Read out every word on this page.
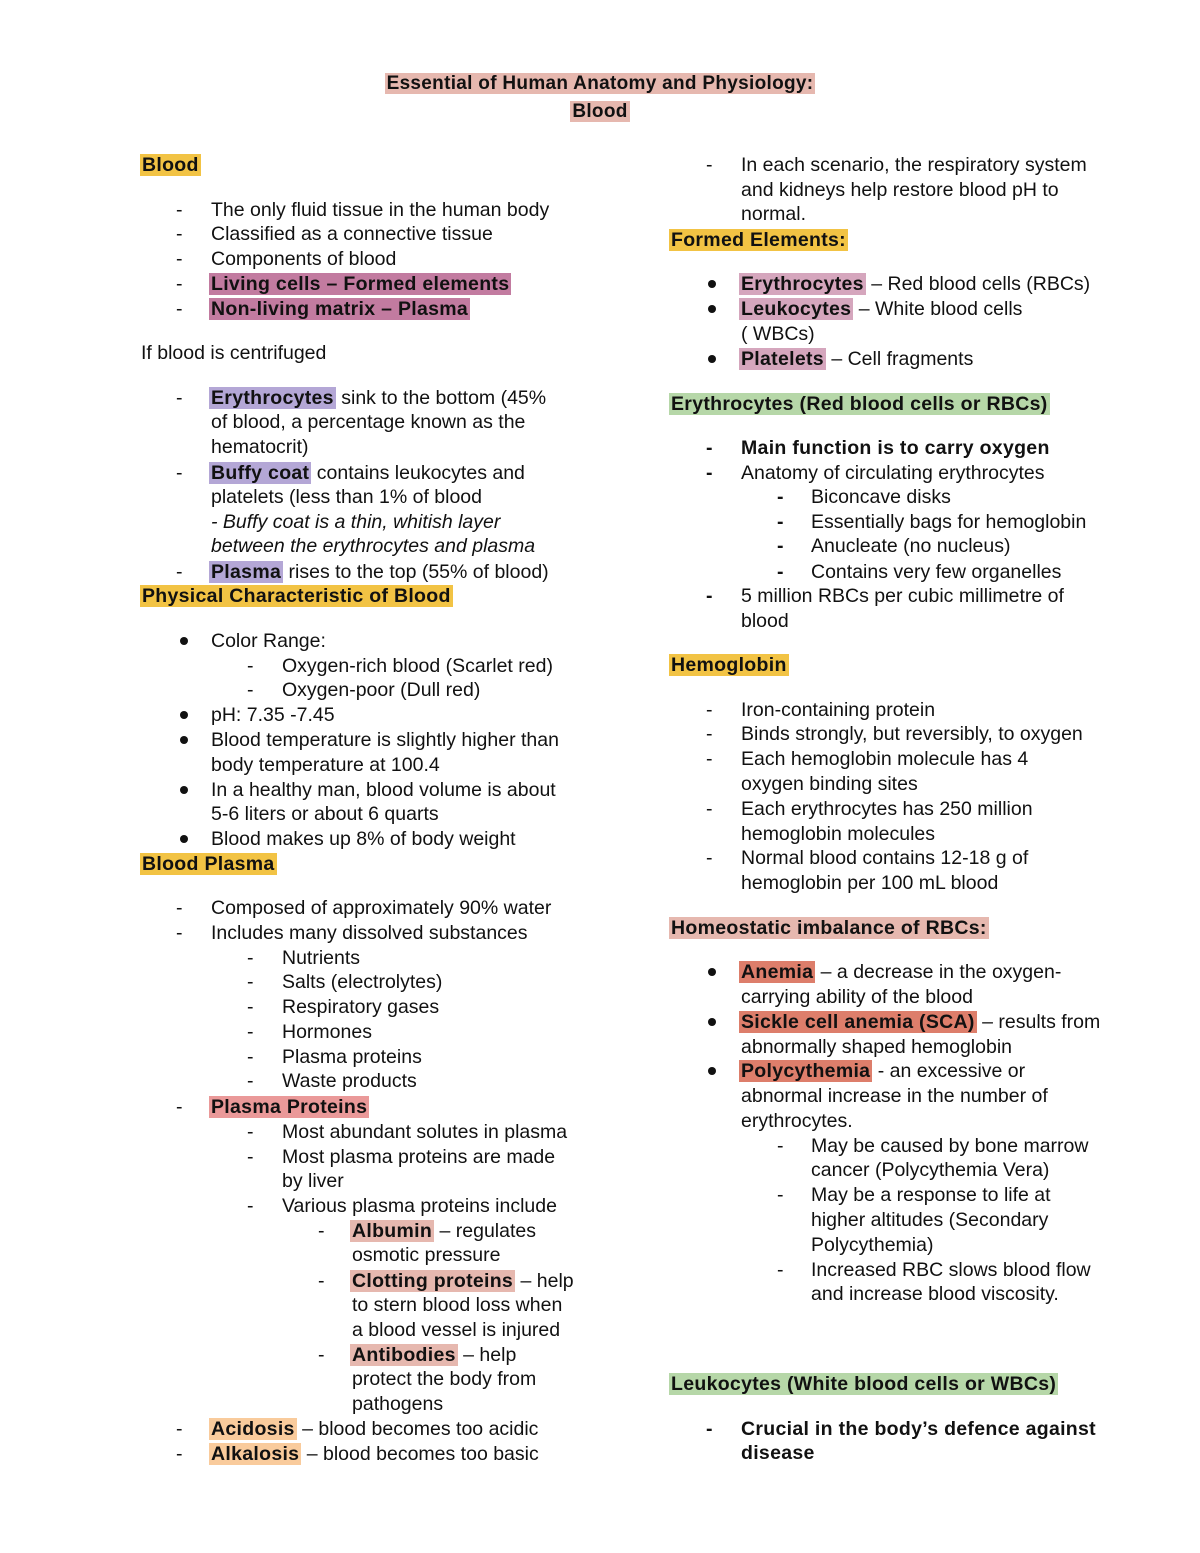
Essential of Human Anatomy and Physiology:
Blood
Blood
- The only fluid tissue in the human body
- Classified as a connective tissue
- Components of blood
- Living cells – Formed elements
- Non-living matrix – Plasma
If blood is centrifuged
- Erythrocytes sink to the bottom (45%
of blood, a percentage known as the
hematocrit)
- Buffy coat contains leukocytes and
platelets (less than 1% of blood
- Buffy coat is a thin, whitish layer
between the erythrocytes and plasma
- Plasma rises to the top (55% of blood)
Physical Characteristic of Blood
Color Range:
- Oxygen-rich blood (Scarlet red)
- Oxygen-poor (Dull red)
pH: 7.35 -7.45
Blood temperature is slightly higher than
body temperature at 100.4
In a healthy man, blood volume is about
5-6 liters or about 6 quarts
Blood makes up 8% of body weight
Blood Plasma
- Composed of approximately 90% water
- Includes many dissolved substances
- Nutrients
- Salts (electrolytes)
- Respiratory gases
- Hormones
- Plasma proteins
- Waste products
- Plasma Proteins
- Most abundant solutes in plasma
- Most plasma proteins are made
by liver
- Various plasma proteins include
- Albumin – regulates
osmotic pressure
- Clotting proteins – help
to stern blood loss when
a blood vessel is injured
- Antibodies – help
protect the body from
pathogens
- Acidosis – blood becomes too acidic
- Alkalosis – blood becomes too basic
- In each scenario, the respiratory system
and kidneys help restore blood pH to
normal.
Formed Elements:
Erythrocytes – Red blood cells (RBCs)
Leukocytes – White blood cells
( WBCs)
Platelets – Cell fragments
Erythrocytes (Red blood cells or RBCs)
- Main function is to carry oxygen
- Anatomy of circulating erythrocytes
- Biconcave disks
- Essentially bags for hemoglobin
- Anucleate (no nucleus)
- Contains very few organelles
- 5 million RBCs per cubic millimetre of
blood
Hemoglobin
- Iron-containing protein
- Binds strongly, but reversibly, to oxygen
- Each hemoglobin molecule has 4
oxygen binding sites
- Each erythrocytes has 250 million
hemoglobin molecules
- Normal blood contains 12-18 g of
hemoglobin per 100 mL blood
Homeostatic imbalance of RBCs:
Anemia – a decrease in the oxygen-
carrying ability of the blood
Sickle cell anemia (SCA) – results from
abnormally shaped hemoglobin
Polycythemia - an excessive or
abnormal increase in the number of
erythrocytes.
- May be caused by bone marrow
cancer (Polycythemia Vera)
- May be a response to life at
higher altitudes (Secondary
Polycythemia)
- Increased RBC slows blood flow
and increase blood viscosity.
Leukocytes (White blood cells or WBCs)
- Crucial in the body’s defence against
disease
